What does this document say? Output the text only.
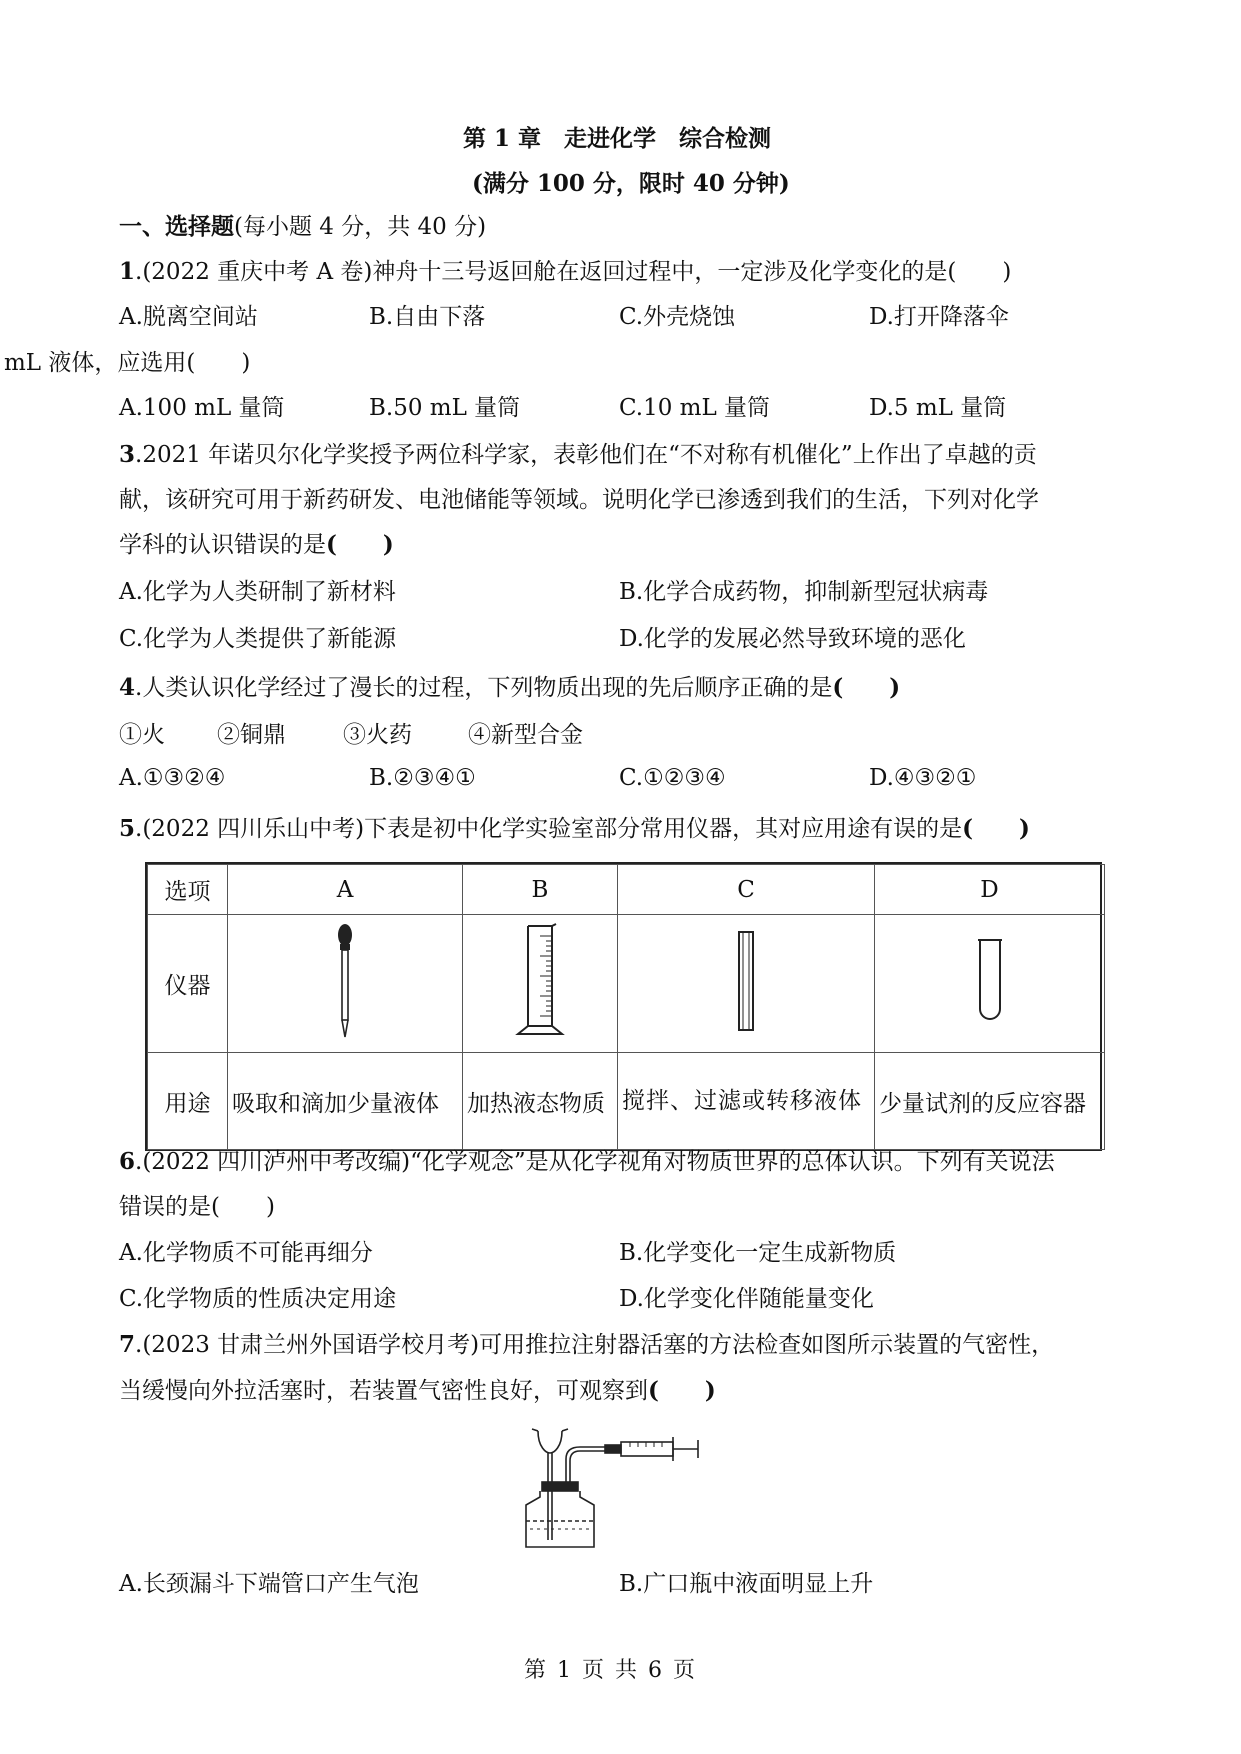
第 1 章　走进化学　综合检测
(满分 100 分，限时 40 分钟)
一、选择题(每小题 4 分，共 40 分)
1.(2022 重庆中考 A 卷)神舟十三号返回舱在返回过程中，一定涉及化学变化的是(　　)
A.脱离空间站	B.自由下落	C.外壳烧蚀	D.打开降落伞
mL 液体，应选用(　　)
A.100 mL 量筒	B.50 mL 量筒	C.10 mL 量筒	D.5 mL 量筒
3.2021 年诺贝尔化学奖授予两位科学家，表彰他们在“不对称有机催化”上作出了卓越的贡
献，该研究可用于新药研发、电池储能等领域。说明化学已渗透到我们的生活，下列对化学
学科的认识错误的是(　　)
A.化学为人类研制了新材料	B.化学合成药物，抑制新型冠状病毒
C.化学为人类提供了新能源	D.化学的发展必然导致环境的恶化
4.人类认识化学经过了漫长的过程，下列物质出现的先后顺序正确的是(　　)
①火 ②铜鼎 ③火药 ④新型合金
A.①③②④	B.②③④①	C.①②③④	D.④③②①
5.(2022 四川乐山中考)下表是初中化学实验室部分常用仪器，其对应用途有误的是(　　)
选项	A	B	C	D
仪器				
用途	吸取和滴加少量液体	加热液态物质	搅拌、过滤或转移液体	少量试剂的反应容器
6.(2022 四川泸州中考改编)“化学观念”是从化学视角对物质世界的总体认识。下列有关说法
错误的是(　　)
A.化学物质不可能再细分	B.化学变化一定生成新物质
C.化学物质的性质决定用途	D.化学变化伴随能量变化
7.(2023 甘肃兰州外国语学校月考)可用推拉注射器活塞的方法检查如图所示装置的气密性，
当缓慢向外拉活塞时，若装置气密性良好，可观察到(　　)
A.长颈漏斗下端管口产生气泡	B.广口瓶中液面明显上升
第 1 页 共 6 页
